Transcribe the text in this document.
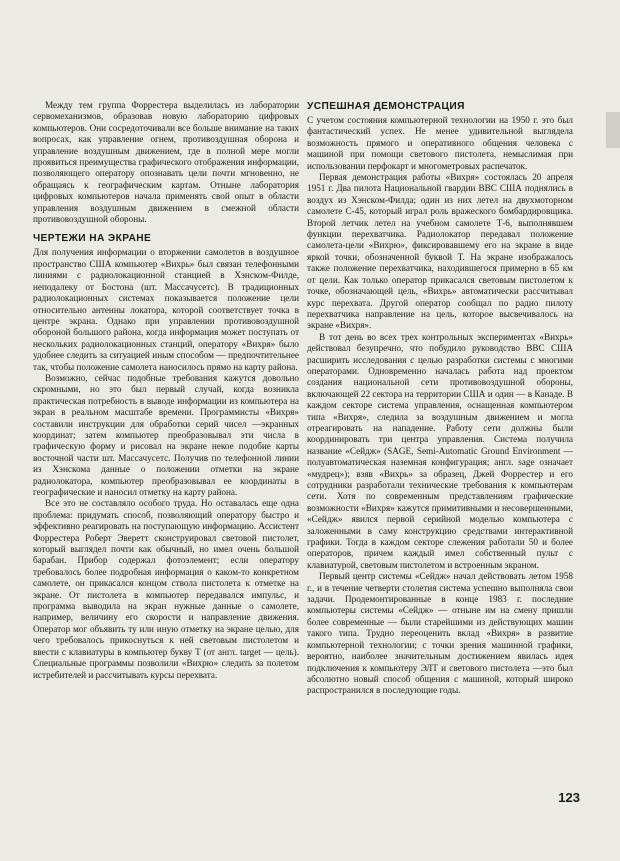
Между тем группа Форрестера выделилась из лаборатории сервомеханизмов, образовав новую лабораторию цифровых компьютеров. Они сосредоточивали все больше внимание на таких вопросах, как управление огнем, противоздушная оборона и управление воздушным движением, где в полной мере могли проявиться преимущества графического отображения информации, позволяющего оператору опознавать цели почти мгновенно, не обращаясь к географическим картам. Отныне лаборатория цифровых компьютеров начала применять свой опыт в области управления воздушным движением в смежной области противовоздушной обороны.

ЧЕРТЕЖИ НА ЭКРАНЕ

Для получения информации о вторжении самолетов в воздушное пространство США компьютер «Вихрь» был связан телефонными линиями с радиолокационной станцией в Хэнском-Филде, неподалеку от Бостона (шт. Массачусетс). В традиционных радиолокационных системах показывается положение цели относительно антенны локатора, которой соответствует точка в центре экрана. Однако при управлении противовоздушной обороной большого района, когда информация может поступать от нескольких радиолокационных станций, оператору «Вихря» было удобнее следить за ситуацией иным способом — предпочтительнее так, чтобы положение самолета наносилось прямо на карту района.

Возможно, сейчас подобные требования кажутся довольно скромными, но это был первый случай, когда возникла практическая потребность в выводе информации из компьютера на экран в реальном масштабе времени. Программисты «Вихря» составили инструкции для обработки серий чисел —экранных координат; затем компьютер преобразовывал эти числа в графическую форму и рисовал на экране некое подобие карты восточной части шт. Массачусетс. Получив по телефонной линии из Хэнскома данные о положении отметки на экране радиолокатора, компьютер преобразовывал ее координаты в географические и наносил отметку на карту района.

Все это не составляло особого труда. Но оставалась еще одна проблема: придумать способ, позволяющий оператору быстро и эффективно реагировать на поступающую информацию. Ассистент Форрестера Роберт Эверетт сконструировал световой пистолет, который выглядел почти как обычный, но имел очень большой барабан. Прибор содержал фотоэлемент; если оператору требовалось более подробная информация о каком-то конкретном самолете, он прикасался концом ствола пистолета к отметке на экране. От пистолета в компьютер передавался импульс, и программа выводила на экран нужные данные о самолете, например, величину его скорости и направление движения. Оператор мог объявить ту или иную отметку на экране целью, для чего требовалось прикоснуться к ней световым пистолетом и ввести с клавиатуры в компьютер букву T (от англ. target — цель). Специальные программы позволили «Вихрю» следить за полетом истребителей и рассчитывать курсы перехвата.

УСПЕШНАЯ ДЕМОНСТРАЦИЯ

С учетом состояния компьютерной технологии на 1950 г. это был фантастический успех. Не менее удивительной выглядела возможность прямого и оперативного общения человека с машиной при помощи светового пистолета, немыслимая при использовании перфокарт и многометровых распечаток.

Первая демонстрация работы «Вихря» состоялась 20 апреля 1951 г. Два пилота Национальной гвардии ВВС США поднялись в воздух из Хэнском-Филда; один из них летел на двухмоторном самолете С-45, который играл роль вражеского бомбардировщика. Второй летчик летел на учебном самолете Т-6, выполнявшем функции перехватчика. Радиолокатор передавал положение самолета-цели «Вихрю», фиксировавшему его на экране в виде яркой точки, обозначенной буквой T. На экране изображалось также положение перехватчика, находившегося примерно в 65 км от цели. Как только оператор прикасался световым пистолетом к точке, обозначающей цель, «Вихрь» автоматически рассчитывал курс перехвата. Другой оператор сообщал по радио пилоту перехватчика направление на цель, которое высвечивалось на экране «Вихря».

В тот день во всех трех контрольных экспериментах «Вихрь» действовал безупречно, что побудило руководство ВВС США расширить исследования с целью разработки системы с многими операторами. Одновременно началась работа над проектом создания национальной сети противовоздушной обороны, включающей 22 сектора на территории США и один — в Канаде. В каждом секторе система управления, оснащенная компьютером типа «Вихря», следила за воздушным движением и могла отреагировать на нападение. Работу сети должны были координировать три центра управления. Система получила название «Сейдж» (SAGE, Semi-Automatic Ground Environment — полуавтоматическая наземная конфигурация; англ. sage означает «мудрец»); взяв «Вихрь» за образец, Джей Форрестер и его сотрудники разработали технические требования к компьютерам сети. Хотя по современным представлениям графические возможности «Вихря» кажутся примитивными и несовершенными, «Сейдж» явился первой серийной моделью компьютера с заложенными в саму конструкцию средствами интерактивной графики. Тогда в каждом секторе слежения работали 50 и более операторов, причем каждый имел собственный пульт с клавиатурой, световым пистолетом и встроенным экраном.

Первый центр системы «Сейдж» начал действовать летом 1958 г., и в течение четверти столетия система успешно выполняла свои задачи. Продемонтированные в конце 1983 г. последние компьютеры системы «Сейдж» — отныне им на смену пришли более современные — были старейшими из действующих машин такого типа. Трудно переоценить вклад «Вихря» в развитие компьютерной технологии; с точки зрения машинной графики, вероятно, наиболее значительным достижением явилась идея подключения к компьютеру ЭЛТ и светового пистолета —это был абсолютно новый способ общения с машиной, который широко распространился в последующие годы.

123
